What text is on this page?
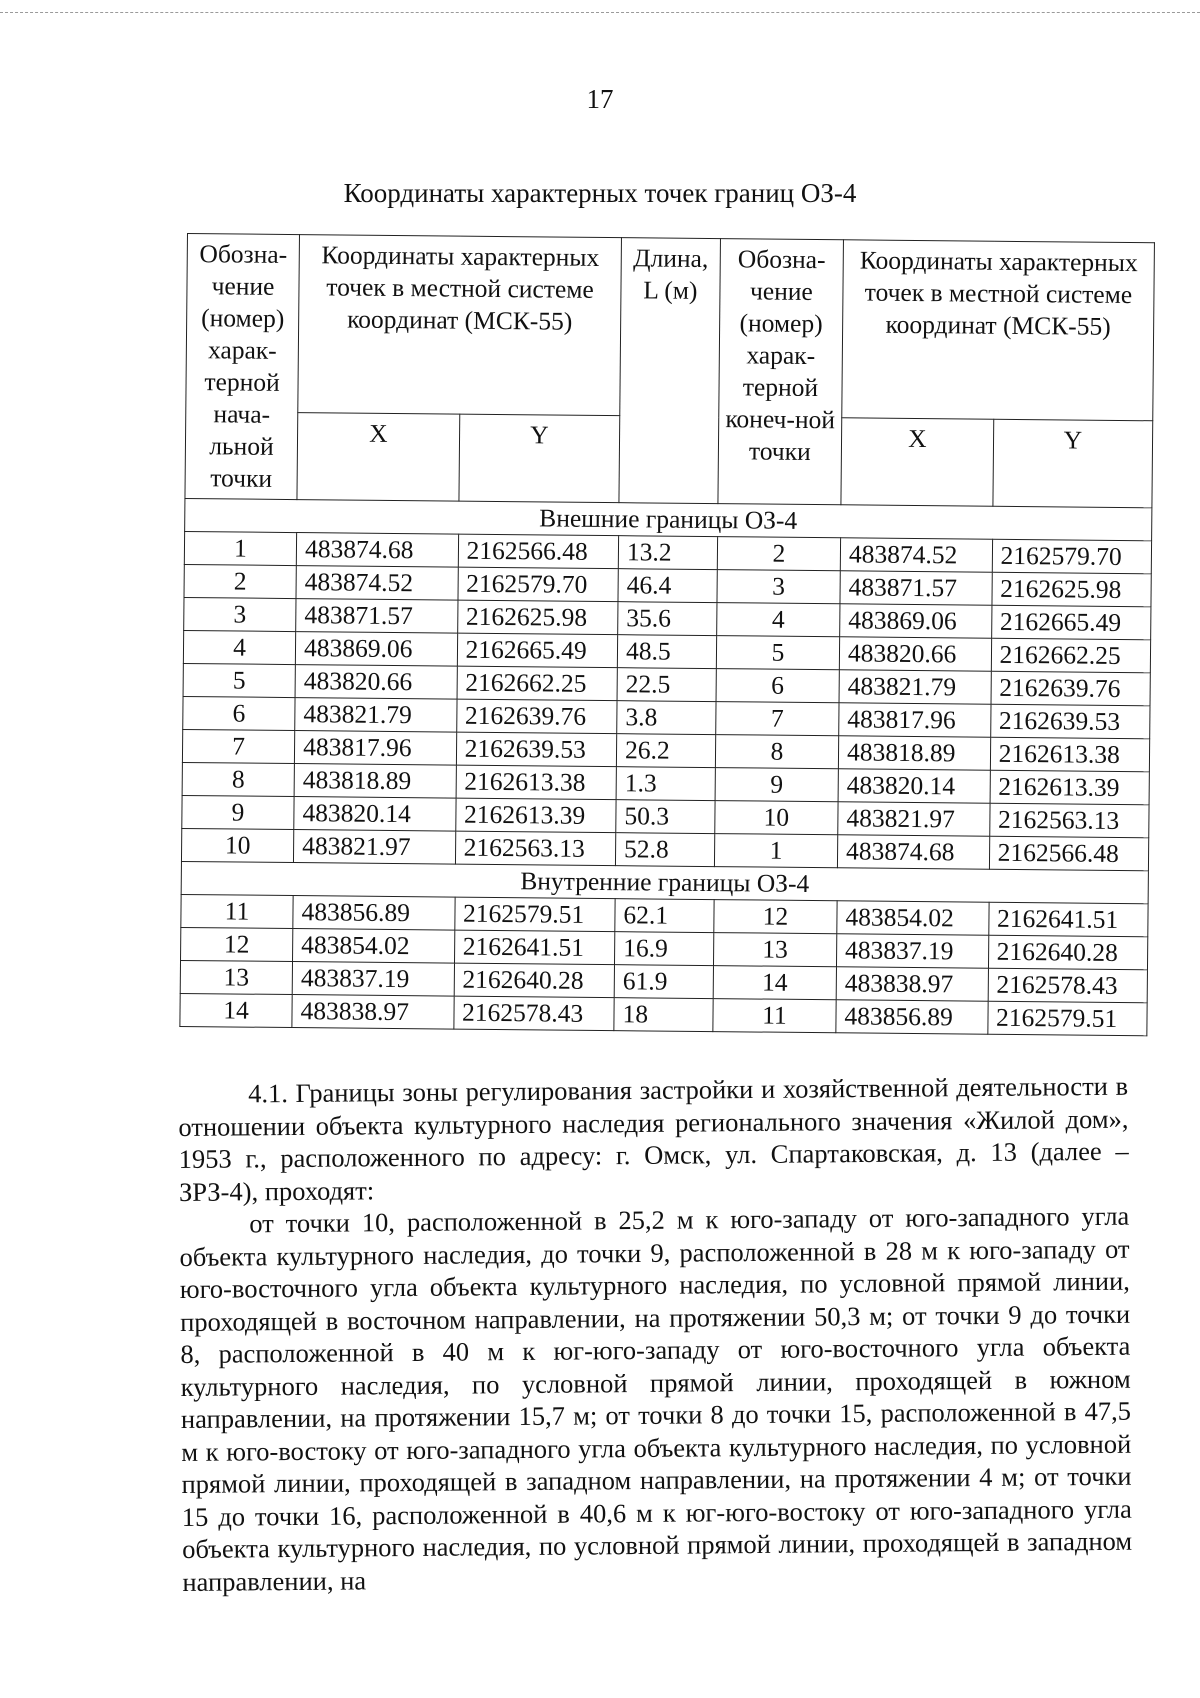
17
Координаты характерных точек границ ОЗ-4
Обозна-чение (номер) харак-терной нача-льной точки	Координаты характерных точек в местной системе координат (МСК-55)		Длина, L (м)	Обозна-чение (номер) харак-терной конеч-ной точки	Координаты характерных точек в местной системе координат (МСК-55)	
	X	Y			X	Y
Внешние границы ОЗ-4						
1	483874.68	2162566.48	13.2	2	483874.52	2162579.70
2	483874.52	2162579.70	46.4	3	483871.57	2162625.98
3	483871.57	2162625.98	35.6	4	483869.06	2162665.49
4	483869.06	2162665.49	48.5	5	483820.66	2162662.25
5	483820.66	2162662.25	22.5	6	483821.79	2162639.76
6	483821.79	2162639.76	3.8	7	483817.96	2162639.53
7	483817.96	2162639.53	26.2	8	483818.89	2162613.38
8	483818.89	2162613.38	1.3	9	483820.14	2162613.39
9	483820.14	2162613.39	50.3	10	483821.97	2162563.13
10	483821.97	2162563.13	52.8	1	483874.68	2162566.48
Внутренние границы ОЗ-4						
11	483856.89	2162579.51	62.1	12	483854.02	2162641.51
12	483854.02	2162641.51	16.9	13	483837.19	2162640.28
13	483837.19	2162640.28	61.9	14	483838.97	2162578.43
14	483838.97	2162578.43	18	11	483856.89	2162579.51

4.1. Границы зоны регулирования застройки и хозяйственной деятельности в отношении объекта культурного наследия регионального значения «Жилой дом», 1953 г., расположенного по адресу: г. Омск, ул. Спартаковская, д. 13 (далее – ЗРЗ-4), проходят:

от точки 10, расположенной в 25,2 м к юго-западу от юго-западного угла объекта культурного наследия, до точки 9, расположенной в 28 м к юго-западу от юго-восточного угла объекта культурного наследия, по условной прямой линии, проходящей в восточном направлении, на протяжении 50,3 м; от точки 9 до точки 8, расположенной в 40 м к юг-юго-западу от юго-восточного угла объекта культурного наследия, по условной прямой линии, проходящей в южном направлении, на протяжении 15,7 м; от точки 8 до точки 15, расположенной в 47,5 м к юго-востоку от юго-западного угла объекта культурного наследия, по условной прямой линии, проходящей в западном направлении, на протяжении 4 м; от точки 15 до точки 16, расположенной в 40,6 м к юг-юго-востоку от юго-западного угла объекта культурного наследия, по условной прямой линии, проходящей в западном направлении, на
